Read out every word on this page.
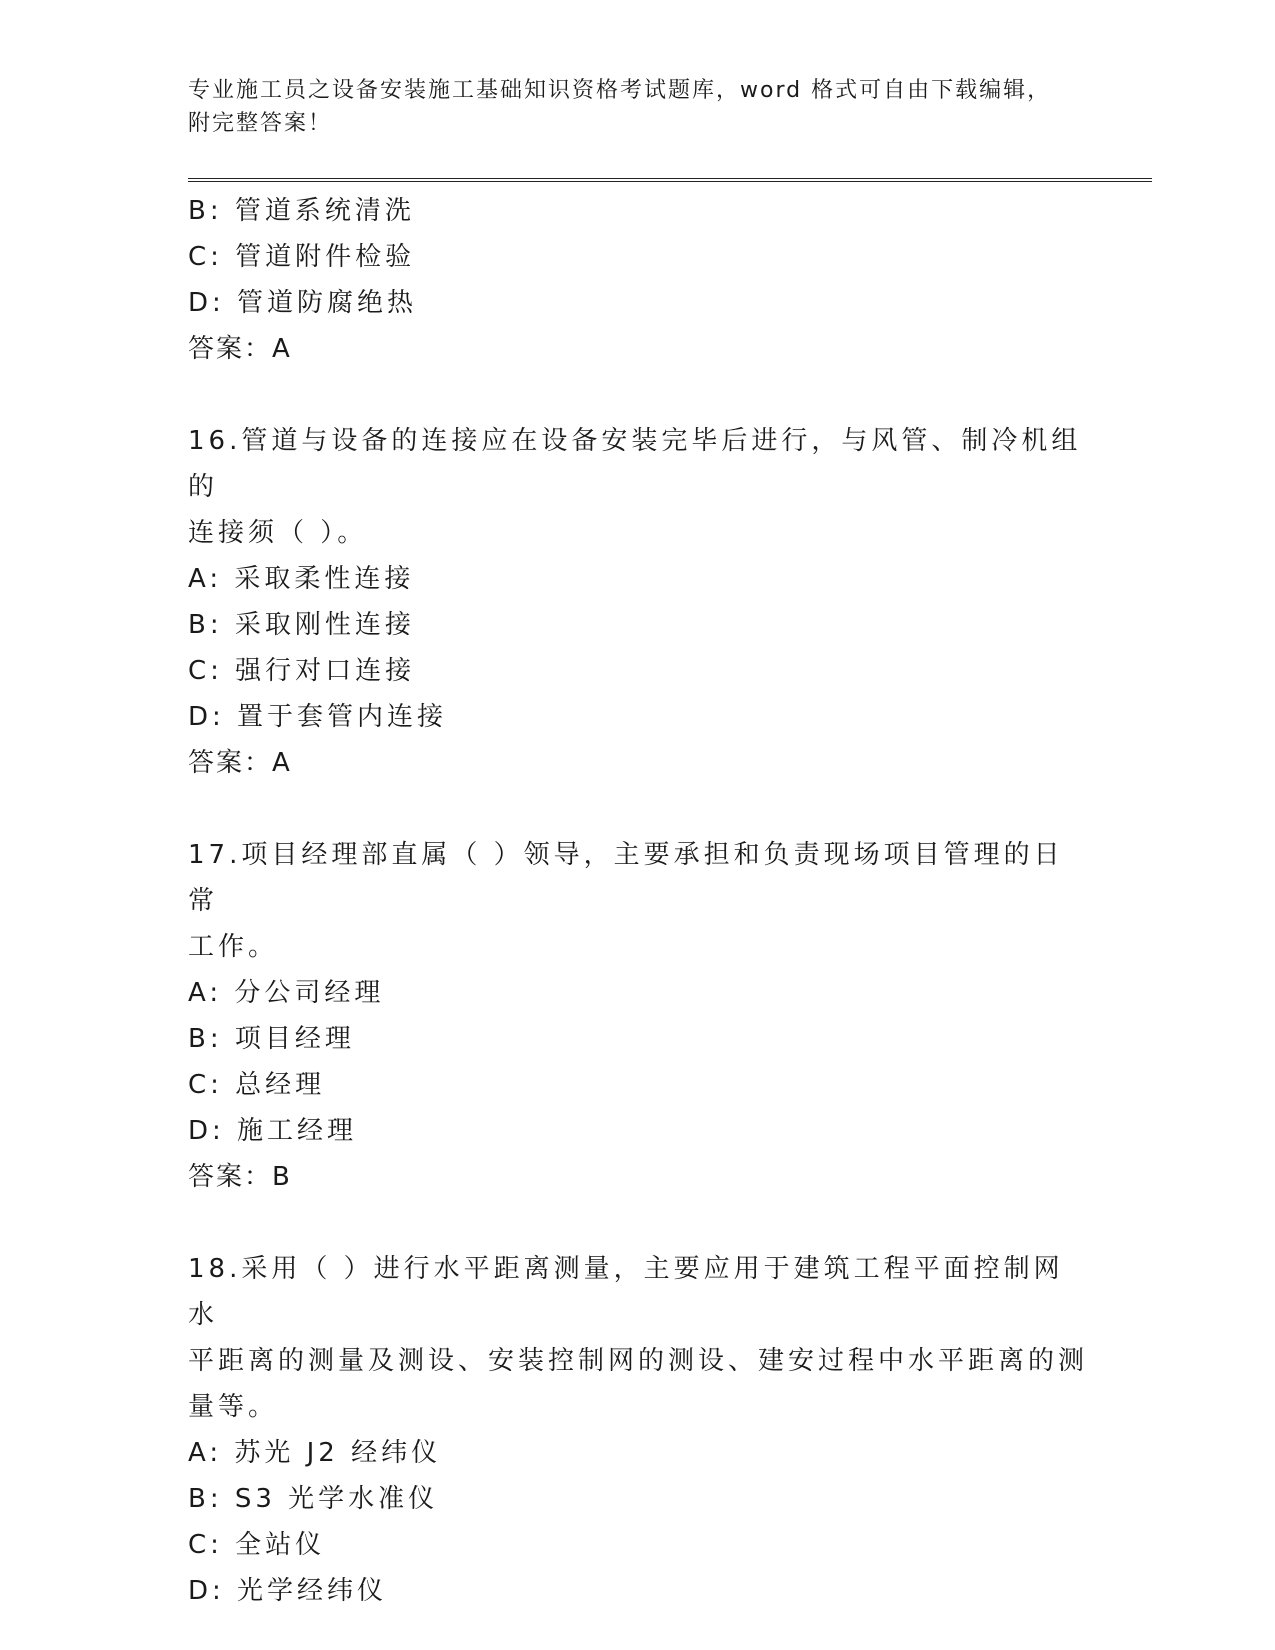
专业施工员之设备安装施工基础知识资格考试题库，word 格式可自由下载编辑，
附完整答案！
B: 管道系统清洗
C: 管道附件检验
D: 管道防腐绝热
答案：A
16.管道与设备的连接应在设备安装完毕后进行，与风管、制冷机组的
连接须（ ）。
A: 采取柔性连接
B: 采取刚性连接
C: 强行对口连接
D: 置于套管内连接
答案：A
17.项目经理部直属（ ）领导，主要承担和负责现场项目管理的日常
工作。
A: 分公司经理
B: 项目经理
C: 总经理
D: 施工经理
答案：B
18.采用（ ）进行水平距离测量，主要应用于建筑工程平面控制网水
平距离的测量及测设、安装控制网的测设、建安过程中水平距离的测
量等。
A: 苏光 J2 经纬仪
B: S3 光学水准仪
C: 全站仪
D: 光学经纬仪
